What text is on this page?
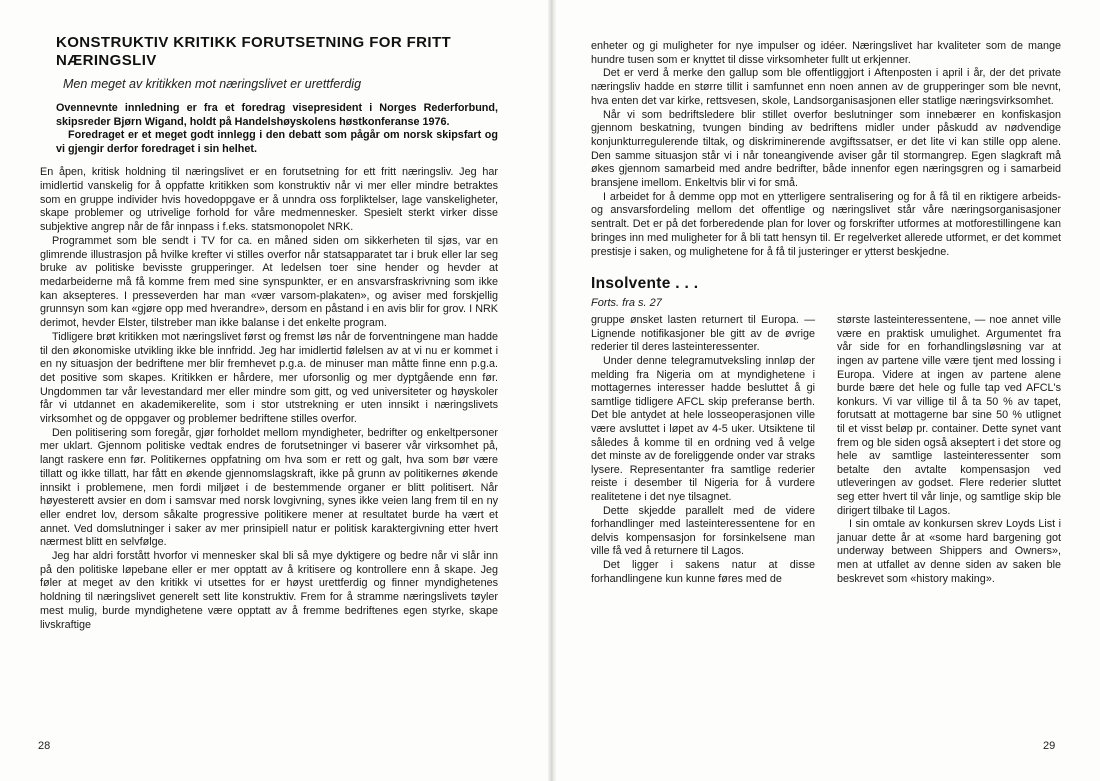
KONSTRUKTIV KRITIKK FORUTSETNING FOR FRITT NÆRINGSLIV
Men meget av kritikken mot næringslivet er urettferdig

Ovennevnte innledning er fra et foredrag visepresident i Norges Rederforbund, skipsreder Bjørn Wigand, holdt på Handelshøyskolens høstkonferanse 1976.

Foredraget er et meget godt innlegg i den debatt som pågår om norsk skipsfart og vi gjengir derfor foredraget i sin helhet.

En åpen, kritisk holdning til næringslivet er en forutsetning for ett fritt næringsliv. Jeg har imidlertid vanskelig for å oppfatte kritikken som konstruktiv når vi mer eller mindre betraktes som en gruppe individer hvis hovedoppgave er å unndra oss forpliktelser, lage vanskeligheter, skape problemer og utrivelige forhold for våre medmennesker. Spesielt sterkt virker disse subjektive angrep når de får innpass i f.eks. statsmonopolet NRK.

Programmet som ble sendt i TV for ca. en måned siden om sikkerheten til sjøs, var en glimrende illustrasjon på hvilke krefter vi stilles overfor når statsapparatet tar i bruk eller lar seg bruke av politiske bevisste grupperinger. At ledelsen toer sine hender og hevder at medarbeiderne må få komme frem med sine synspunkter, er en ansvarsfraskrivning som ikke kan aksepteres. I presseverden har man «vær varsom-plakaten», og aviser med forskjellig grunnsyn som kan «gjøre opp med hverandre», dersom en påstand i en avis blir for grov. I NRK derimot, hevder Elster, tilstreber man ikke balanse i det enkelte program.

Tidligere brøt kritikken mot næringslivet først og fremst løs når de forventningene man hadde til den økonomiske utvikling ikke ble innfridd. Jeg har imidlertid følelsen av at vi nu er kommet i en ny situasjon der bedriftene mer blir fremhevet p.g.a. de minuser man måtte finne enn p.g.a. det positive som skapes. Kritikken er hårdere, mer uforsonlig og mer dyptgående enn før. Ungdommen tar vår levestandard mer eller mindre som gitt, og ved universiteter og høyskoler får vi utdannet en akademikerelite, som i stor utstrekning er uten innsikt i næringslivets virksomhet og de oppgaver og problemer bedriftene stilles overfor.

Den politisering som foregår, gjør forholdet mellom myndigheter, bedrifter og enkeltpersoner mer uklart. Gjennom politiske vedtak endres de forutsetninger vi baserer vår virksomhet på, langt raskere enn før. Politikernes oppfatning om hva som er rett og galt, hva som bør være tillatt og ikke tillatt, har fått en økende gjennomslagskraft, ikke på grunn av politikernes økende innsikt i problemene, men fordi miljøet i de bestemmende organer er blitt politisert. Når høyesterett avsier en dom i samsvar med norsk lovgivning, synes ikke veien lang frem til en ny eller endret lov, dersom såkalte progressive politikere mener at resultatet burde ha vært et annet. Ved domslutninger i saker av mer prinsipiell natur er politisk karaktergivning etter hvert nærmest blitt en selvfølge.

Jeg har aldri forstått hvorfor vi mennesker skal bli så mye dyktigere og bedre når vi slår inn på den politiske løpebane eller er mer opptatt av å kritisere og kontrollere enn å skape. Jeg føler at meget av den kritikk vi utsettes for er høyst urettferdig og finner myndighetenes holdning til næringslivet generelt sett lite konstruktiv. Frem for å stramme næringslivets tøyler mest mulig, burde myndighetene være opptatt av å fremme bedriftenes egen styrke, skape livskraftige

28

enheter og gi muligheter for nye impulser og idéer. Næringslivet har kvaliteter som de mange hundre tusen som er knyttet til disse virksomheter fullt ut erkjenner.

Det er verd å merke den gallup som ble offentliggjort i Aftenposten i april i år, der det private næringsliv hadde en større tillit i samfunnet enn noen annen av de grupperinger som ble nevnt, hva enten det var kirke, rettsvesen, skole, Landsorganisasjonen eller statlige næringsvirksomhet.

Når vi som bedriftsledere blir stillet overfor beslutninger som innebærer en konfiskasjon gjennom beskatning, tvungen binding av bedriftens midler under påskudd av nødvendige konjunkturregulerende tiltak, og diskriminerende avgiftssatser, er det lite vi kan stille opp alene. Den samme situasjon står vi i når toneangivende aviser går til stormangrep. Egen slagkraft må økes gjennom samarbeid med andre bedrifter, både innenfor egen næringsgren og i samarbeid bransjene imellom. Enkeltvis blir vi for små.

I arbeidet for å demme opp mot en ytterligere sentralisering og for å få til en riktigere arbeids- og ansvarsfordeling mellom det offentlige og næringslivet står våre næringsorganisasjoner sentralt. Det er på det forberedende plan for lover og forskrifter utformes at motforestillingene kan bringes inn med muligheter for å bli tatt hensyn til. Er regelverket allerede utformet, er det kommet prestisje i saken, og mulighetene for å få til justeringer er ytterst beskjedne.

Insolvente . . .
Forts. fra s. 27

gruppe ønsket lasten returnert til Europa. — Lignende notifikasjoner ble gitt av de øvrige rederier til deres lasteinteressenter.

Under denne telegramutveksling innløp der melding fra Nigeria om at myndighetene i mottagernes interesser hadde besluttet å gi samtlige tidligere AFCL skip preferanse berth. Det ble antydet at hele losseoperasjonen ville være avsluttet i løpet av 4-5 uker. Utsiktene til således å komme til en ordning ved å velge det minste av de foreliggende onder var straks lysere. Representanter fra samtlige rederier reiste i desember til Nigeria for å vurdere realitetene i det nye tilsagnet.

Dette skjedde parallelt med de videre forhandlinger med lasteinteressentene for en delvis kompensasjon for forsinkelsene man ville få ved å returnere til Lagos.

Det ligger i sakens natur at disse forhandlingene kun kunne føres med de

største lasteinteressentene, — noe annet ville være en praktisk umulighet. Argumentet fra vår side for en forhandlingsløsning var at ingen av partene ville være tjent med lossing i Europa. Videre at ingen av partene alene burde bære det hele og fulle tap ved AFCL's konkurs. Vi var villige til å ta 50 % av tapet, forutsatt at mottagerne bar sine 50 % utlignet til et visst beløp pr. container. Dette synet vant frem og ble siden også akseptert i det store og hele av samtlige lasteinteressenter som betalte den avtalte kompensasjon ved utleveringen av godset. Flere rederier sluttet seg etter hvert til vår linje, og samtlige skip ble dirigert tilbake til Lagos.

I sin omtale av konkursen skrev Loyds List i januar dette år at «some hard bargening got underway between Shippers and Owners», men at utfallet av denne siden av saken ble beskrevet som «history making».

29
